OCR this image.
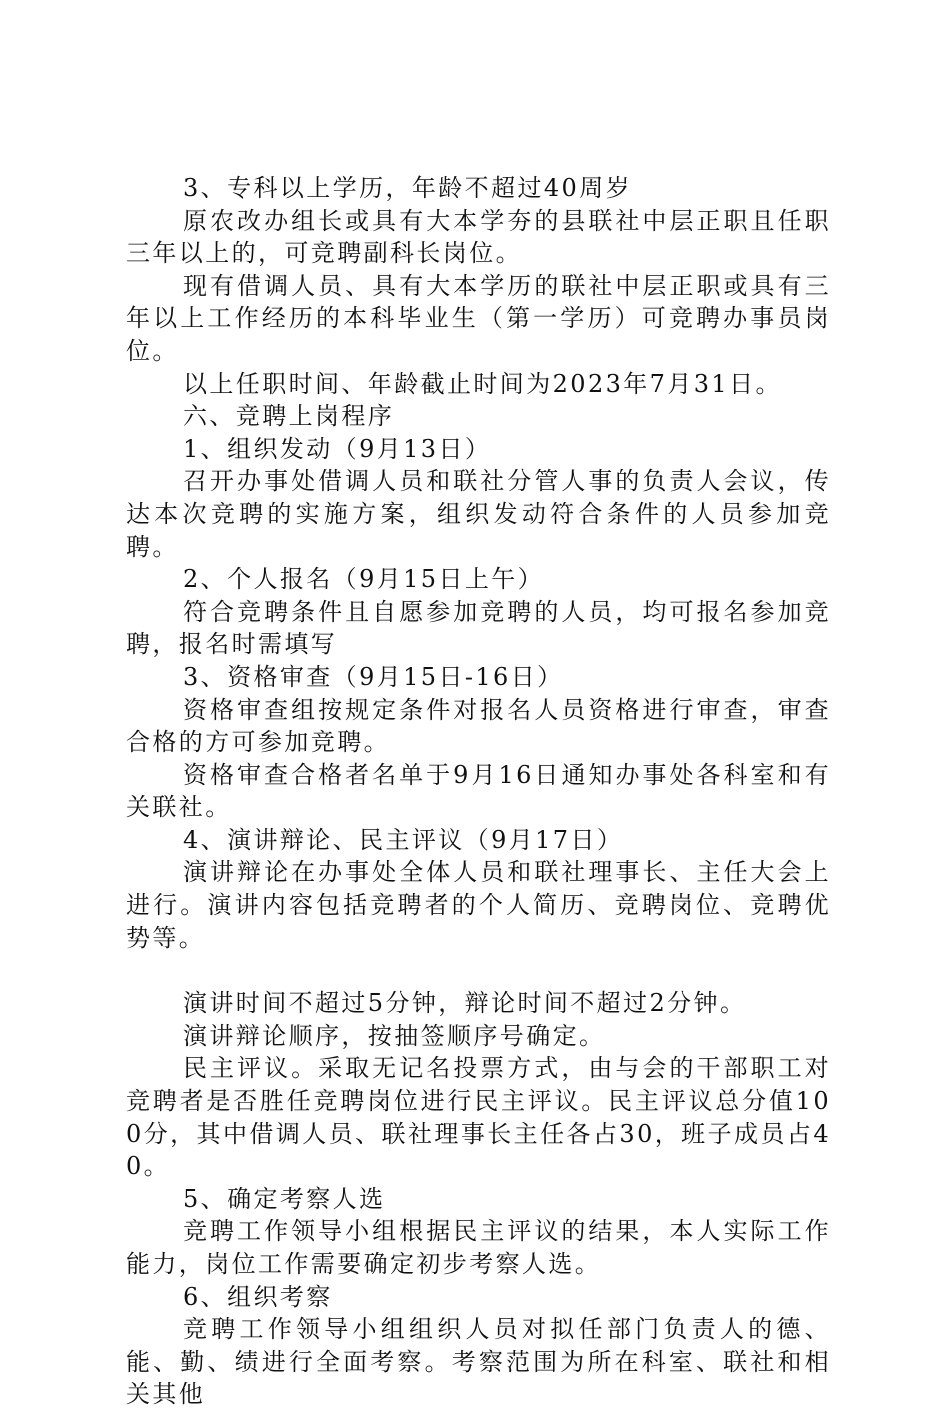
3、专科以上学历，年龄不超过40周岁

原农改办组长或具有大本学夯的县联社中层正职且任职三年以上的，可竞聘副科长岗位。

现有借调人员、具有大本学历的联社中层正职或具有三年以上工作经历的本科毕业生（第一学历）可竞聘办事员岗位。

以上任职时间、年龄截止时间为2023年7月31日。

六、竞聘上岗程序

1、组织发动（9月13日）

召开办事处借调人员和联社分管人事的负责人会议，传达本次竞聘的实施方案，组织发动符合条件的人员参加竞聘。

2、个人报名（9月15日上午）

符合竞聘条件且自愿参加竞聘的人员，均可报名参加竞聘，报名时需填写

3、资格审查（9月15日-16日）

资格审查组按规定条件对报名人员资格进行审查，审查合格的方可参加竞聘。

资格审查合格者名单于9月16日通知办事处各科室和有关联社。

4、演讲辩论、民主评议（9月17日）

演讲辩论在办事处全体人员和联社理事长、主任大会上进行。演讲内容包括竞聘者的个人简历、竞聘岗位、竞聘优势等。

演讲时间不超过5分钟，辩论时间不超过2分钟。

演讲辩论顺序，按抽签顺序号确定。

民主评议。采取无记名投票方式，由与会的干部职工对竞聘者是否胜任竞聘岗位进行民主评议。民主评议总分值100分，其中借调人员、联社理事长主任各占30，班子成员占40。

5、确定考察人选

竞聘工作领导小组根据民主评议的结果，本人实际工作能力，岗位工作需要确定初步考察人选。

6、组织考察

竞聘工作领导小组组织人员对拟任部门负责人的德、能、勤、绩进行全面考察。考察范围为所在科室、联社和相关其他
